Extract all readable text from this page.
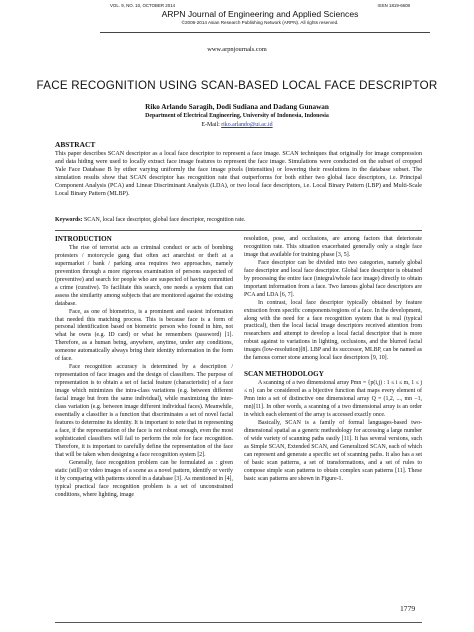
VOL. 9, NO. 10, OCTOBER 2014	ISSN 1819-6608
ARPN Journal of Engineering and Applied Sciences
©2006-2014 Asian Research Publishing Network (ARPN). All rights reserved.
www.arpnjournals.com
FACE RECOGNITION USING SCAN-BASED LOCAL FACE DESCRIPTOR
Riko Arlando Saragih, Dodi Sudiana and Dadang Gunawan
Department of Electrical Engineering, University of Indonesia, Indonesia
E-Mail: riko.arlando@ui.ac.id
ABSTRACT
This paper describes SCAN descriptor as a local face descriptor to represent a face image. SCAN techniques that originally for image compression and data hiding were used to locally extract face image features to represent the face image. Simulations were conducted on the subset of cropped Yale Face Database B by either varying uniformly the face image pixels (intensities) or lowering their resolutions in the database subset. The simulation results show that SCAN descriptor has recognition rate that outperforms for both either two global face descriptors, i.e. Principal Component Analysis (PCA) and Linear Discriminant Analysis (LDA), or two local face descriptors, i.e. Local Binary Pattern (LBP) and Multi-Scale Local Binary Pattern (MLBP).
Keywords: SCAN, local face descriptor, global face descriptor, recognition rate.
INTRODUCTION

The rise of terrorist acts as criminal conduct or acts of bombing protesters / motorcycle gang that often act anarchist or theft at a supermarket / bank / parking area requires two approaches, namely prevention through a more rigorous examination of persons suspected of (preventive) and search for people who are suspected of having committed a crime (curative). To facilitate this search, one needs a system that can assess the similarity among subjects that are monitored against the existing database.

Face, as one of biometrics, is a prominent and easiest information that needed this matching process. This is because face is a form of personal identification based on biometric person who found in him, not what he owns (e.g. ID card) or what he remembers (password) [1]. Therefore, as a human being, anywhere, anytime, under any conditions, someone automatically always bring their identity information in the form of face.

Face recognition accuracy is determined by a description / representation of face images and the design of classifiers. The purpose of representation is to obtain a set of facial feature (characteristic) of a face image which minimizes the intra-class variations (e.g. between different facial image but from the same individual), while maximizing the inter-class variation (e.g. between image different individual faces). Meanwhile, essentially a classifier is a function that discriminates a set of novel facial features to determine its identity. It is important to note that in representing a face, if the representation of the face is not robust enough, even the most sophisticated classifiers will fail to perform the role for face recognition. Therefore, it is important to carefully define the representation of the face that will be taken when designing a face recognition system [2].

Generally, face recognition problem can be formulated as : given static (still) or video images of a scene as a novel pattern, identify or verify it by comparing with patterns stored in a database [3]. As mentioned in [4], typical practical face recognition problem is a set of unconstrained conditions, where lighting, image

resolution, pose, and occlusions, are among factors that deteriorate recognition rate. This situation exacerbated generally only a single face image that available for training phase [3, 5].

Face descriptor can be divided into two categories, namely global face descriptor and local face descriptor. Global face descriptor is obtained by processing the entire face (integral/whole face image) directly to obtain important information from a face. Two famous global face descriptors are PCA and LDA [6, 7].

In contrast, local face descriptor typically obtained by feature extraction from specific components/regions of a face. In the development, along with the need for a face recognition system that is real (typical practical), then the local facial image descriptors received attention from researchers and attempt to develop a local facial descriptor that is more robust against to variations in lighting, occlusions, and the blurred facial images (low-resolution)[8]. LBP and its successor, MLBP, can be named as the famous corner stone among local face descriptors [9, 10].

SCAN METHODOLOGY

A scanning of a two dimensional array Pmn = {p(i,j) : 1 ≤ i ≤ m, 1 ≤ j ≤ n} can be considered as a bijective function that maps every element of Pmn into a set of distinctive one dimensional array Q = (1,2, ..., mn −1, mn)[11]. In other words, a scanning of a two dimensional array is an order in which each element of the array is accessed exactly once.

Basically, SCAN is a family of formal languages-based two-dimensional spatial as a generic methodology for accessing a large number of wide variety of scanning paths easily [11]. It has several versions, such as Simple SCAN, Extended SCAN, and Generalized SCAN, each of which can represent and generate a specific set of scanning paths. It also has a set of basic scan patterns, a set of transformations, and a set of rules to compose simple scan patterns to obtain complex scan patterns [11]. These basic scan patterns are shown in Figure-1.

1779
